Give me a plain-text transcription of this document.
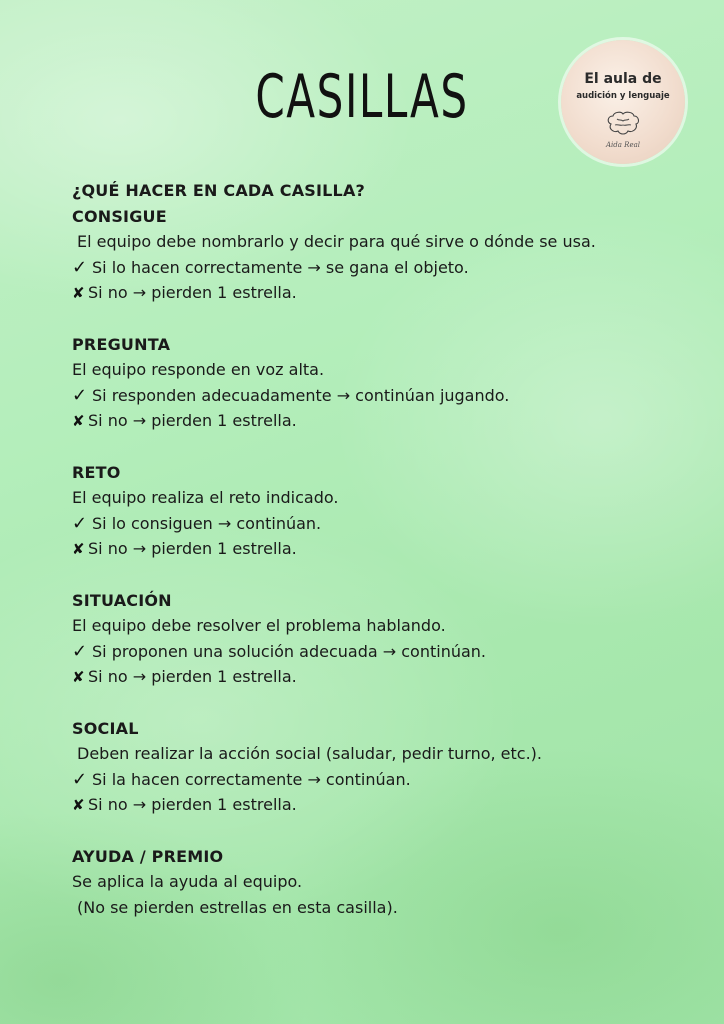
CASILLAS	El aula de
audición y lenguaje
Aida Real
¿QUÉ HACER EN CADA CASILLA?
CONSIGUE
El equipo debe nombrarlo y decir para qué sirve o dónde se usa.
✓ Si lo hacen correctamente → se gana el objeto.
✘ Si no → pierden 1 estrella.
PREGUNTA
El equipo responde en voz alta.
✓ Si responden adecuadamente → continúan jugando.
✘ Si no → pierden 1 estrella.
RETO
El equipo realiza el reto indicado.
✓ Si lo consiguen → continúan.
✘ Si no → pierden 1 estrella.
SITUACIÓN
El equipo debe resolver el problema hablando.
✓ Si proponen una solución adecuada → continúan.
✘ Si no → pierden 1 estrella.
SOCIAL
Deben realizar la acción social (saludar, pedir turno, etc.).
✓ Si la hacen correctamente → continúan.
✘ Si no → pierden 1 estrella.
AYUDA / PREMIO
Se aplica la ayuda al equipo.
(No se pierden estrellas en esta casilla).
